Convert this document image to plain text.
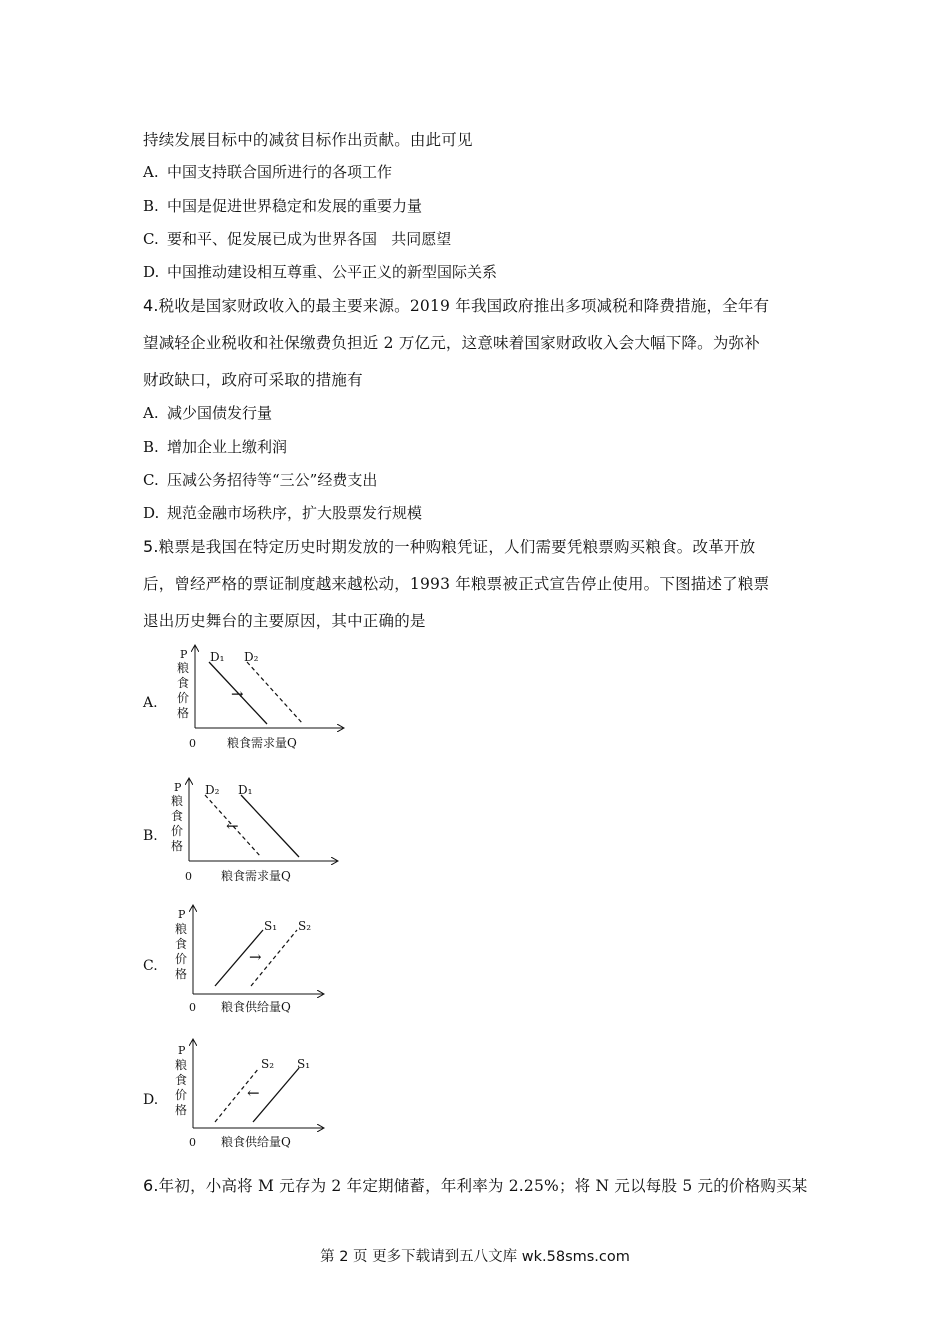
持续发展目标中的减贫目标作出贡献。由此可见
A. 中国支持联合国所进行的各项工作
B. 中国是促进世界稳定和发展的重要力量
C. 要和平、促发展已成为世界各国   共同愿望
D. 中国推动建设相互尊重、公平正义的新型国际关系
4.税收是国家财政收入的最主要来源。2019 年我国政府推出多项减税和降费措施，全年有
望减轻企业税收和社保缴费负担近 2 万亿元，这意味着国家财政收入会大幅下降。为弥补
财政缺口，政府可采取的措施有
A. 减少国债发行量
B. 增加企业上缴利润
C. 压减公务招待等“三公”经费支出
D. 规范金融市场秩序，扩大股票发行规模
5.粮票是我国在特定历史时期发放的一种购粮凭证，人们需要凭粮票购买粮食。改革开放
后，曾经严格的票证制度越来越松动，1993 年粮票被正式宣告停止使用。下图描述了粮票
退出历史舞台的主要原因，其中正确的是
A.
P
粮
食
价
格
0	粮食需求量Q
D₁ D₂
→
B.
P
粮
食
价
格
0 粮食需求量Q
D₂ D₁
←
C.
P
粮
食
价
格
0 粮食供给量Q
S₁ S₂
→
D.
P
粮
食
价
格
0 粮食供给量Q
S₂ S₁
←
6.年初，小高将 M 元存为 2 年定期储蓄，年利率为 2.25%；将 N 元以每股 5 元的价格购买某
第 2 页 更多下载请到五八文库 wk.58sms.com
